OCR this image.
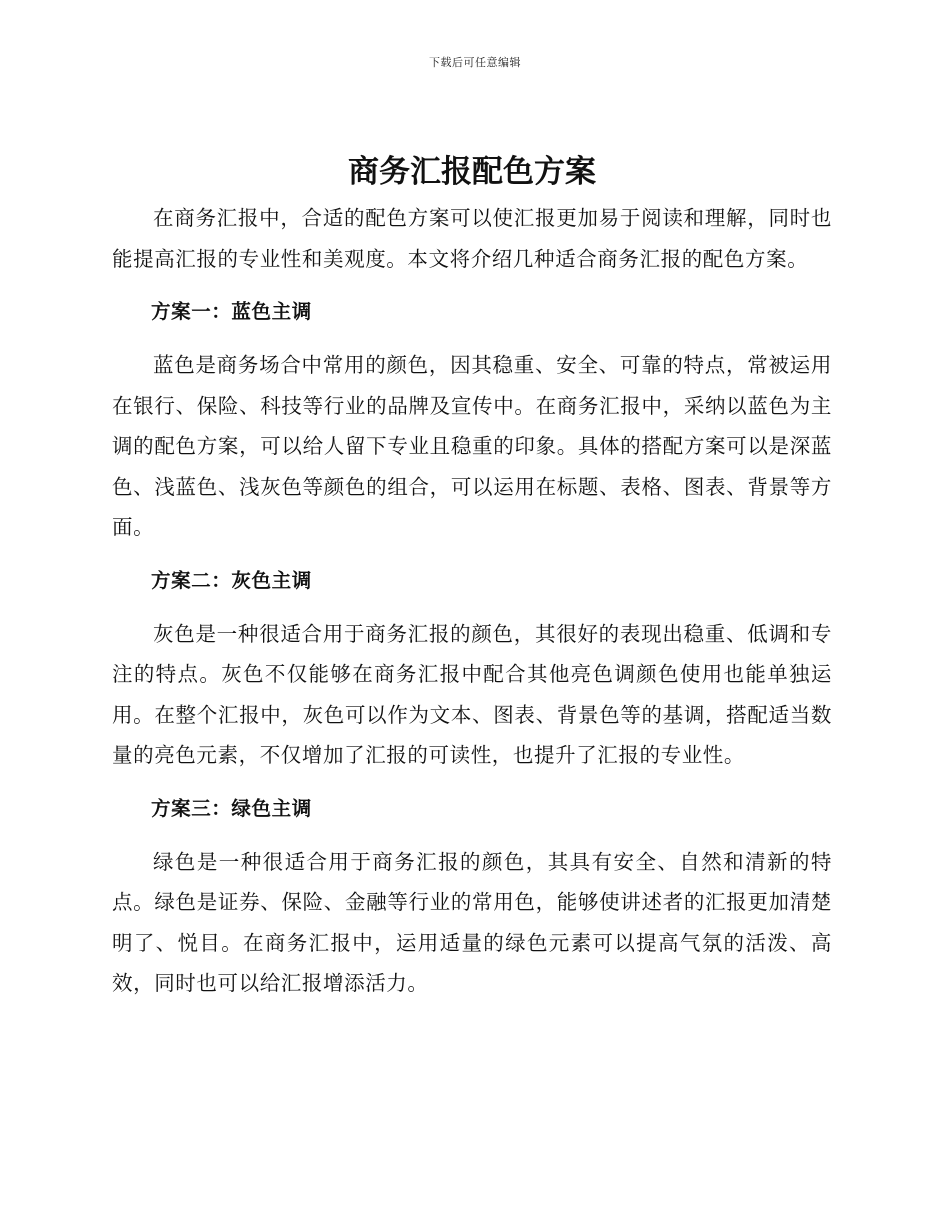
下载后可任意编辑
商务汇报配色方案

在商务汇报中，合适的配色方案可以使汇报更加易于阅读和理解，同时也能提高汇报的专业性和美观度。本文将介绍几种适合商务汇报的配色方案。

方案一：蓝色主调

蓝色是商务场合中常用的颜色，因其稳重、安全、可靠的特点，常被运用在银行、保险、科技等行业的品牌及宣传中。在商务汇报中，采纳以蓝色为主调的配色方案，可以给人留下专业且稳重的印象。具体的搭配方案可以是深蓝色、浅蓝色、浅灰色等颜色的组合，可以运用在标题、表格、图表、背景等方面。

方案二：灰色主调

灰色是一种很适合用于商务汇报的颜色，其很好的表现出稳重、低调和专注的特点。灰色不仅能够在商务汇报中配合其他亮色调颜色使用也能单独运用。在整个汇报中，灰色可以作为文本、图表、背景色等的基调，搭配适当数量的亮色元素，不仅增加了汇报的可读性，也提升了汇报的专业性。

方案三：绿色主调

绿色是一种很适合用于商务汇报的颜色，其具有安全、自然和清新的特点。绿色是证券、保险、金融等行业的常用色，能够使讲述者的汇报更加清楚明了、悦目。在商务汇报中，运用适量的绿色元素可以提高气氛的活泼、高效，同时也可以给汇报增添活力。
